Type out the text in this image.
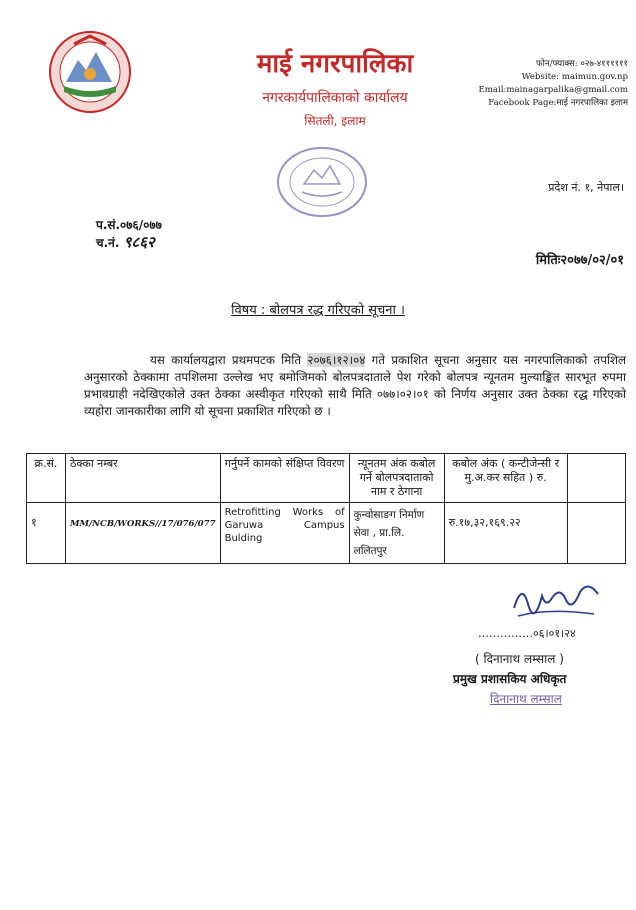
माई नगरपालिका
नगरकार्यपालिकाको कार्यालय
सितली, इलाम
फोन/फ्याक्स: ०२७-४११११११
Website: maimun.gov.np
Email:mainagarpalika@gmail.com
Facebook Page:माई नगरपालिका इलाम
प्रदेश नं. १, नेपाल।
प.सं.०७६/०७७
च.नं. ९८६२
मितिः२०७७/०२/०१
विषय : बोलपत्र रद्ध गरिएको सूचना ।
यस कार्यालयद्वारा प्रथमपटक मिति २०७६।१२।०४ गते प्रकाशित सूचना अनुसार यस नगरपालिकाको तपशिल अनुसारको ठेक्कामा तपशिलमा उल्लेख भए बमोजिमको बोलपत्रदाताले पेश गरेको बोलपत्र न्यूनतम मुल्याङ्कित सारभूत रुपमा प्रभावग्राही नदेखिएकोले उक्त ठेक्का अस्वीकृत गरिएको साथै मिति ०७७।०२।०१ को निर्णय अनुसार उक्त ठेक्का रद्ध गरिएको व्यहोरा जानकारीका लागि यो सूचना प्रकाशित गरिएको छ ।
क्र.सं.	ठेक्का नम्बर	गर्नुपर्ने कामको संक्षिप्त विवरण	न्यूनतम अंक कबोल गर्ने बोलपत्रदाताको नाम र ठेगाना	कबोल अंक ( कन्टीजेन्सी र मु.अ.कर सहित ) रु.	
१	MM/NCB/WORKS//17/076/077	Retrofitting Works of Garuwa Campus Bulding	कुन्वोसाङग निर्माण सेवा , प्रा.लि. ललितपुर	रु.१७,३२,१६९.२२	
……………०६।०१।२४
( दिनानाथ लम्साल )
प्रमुख प्रशासकिय अधिकृत
दिनानाथ लम्साल
